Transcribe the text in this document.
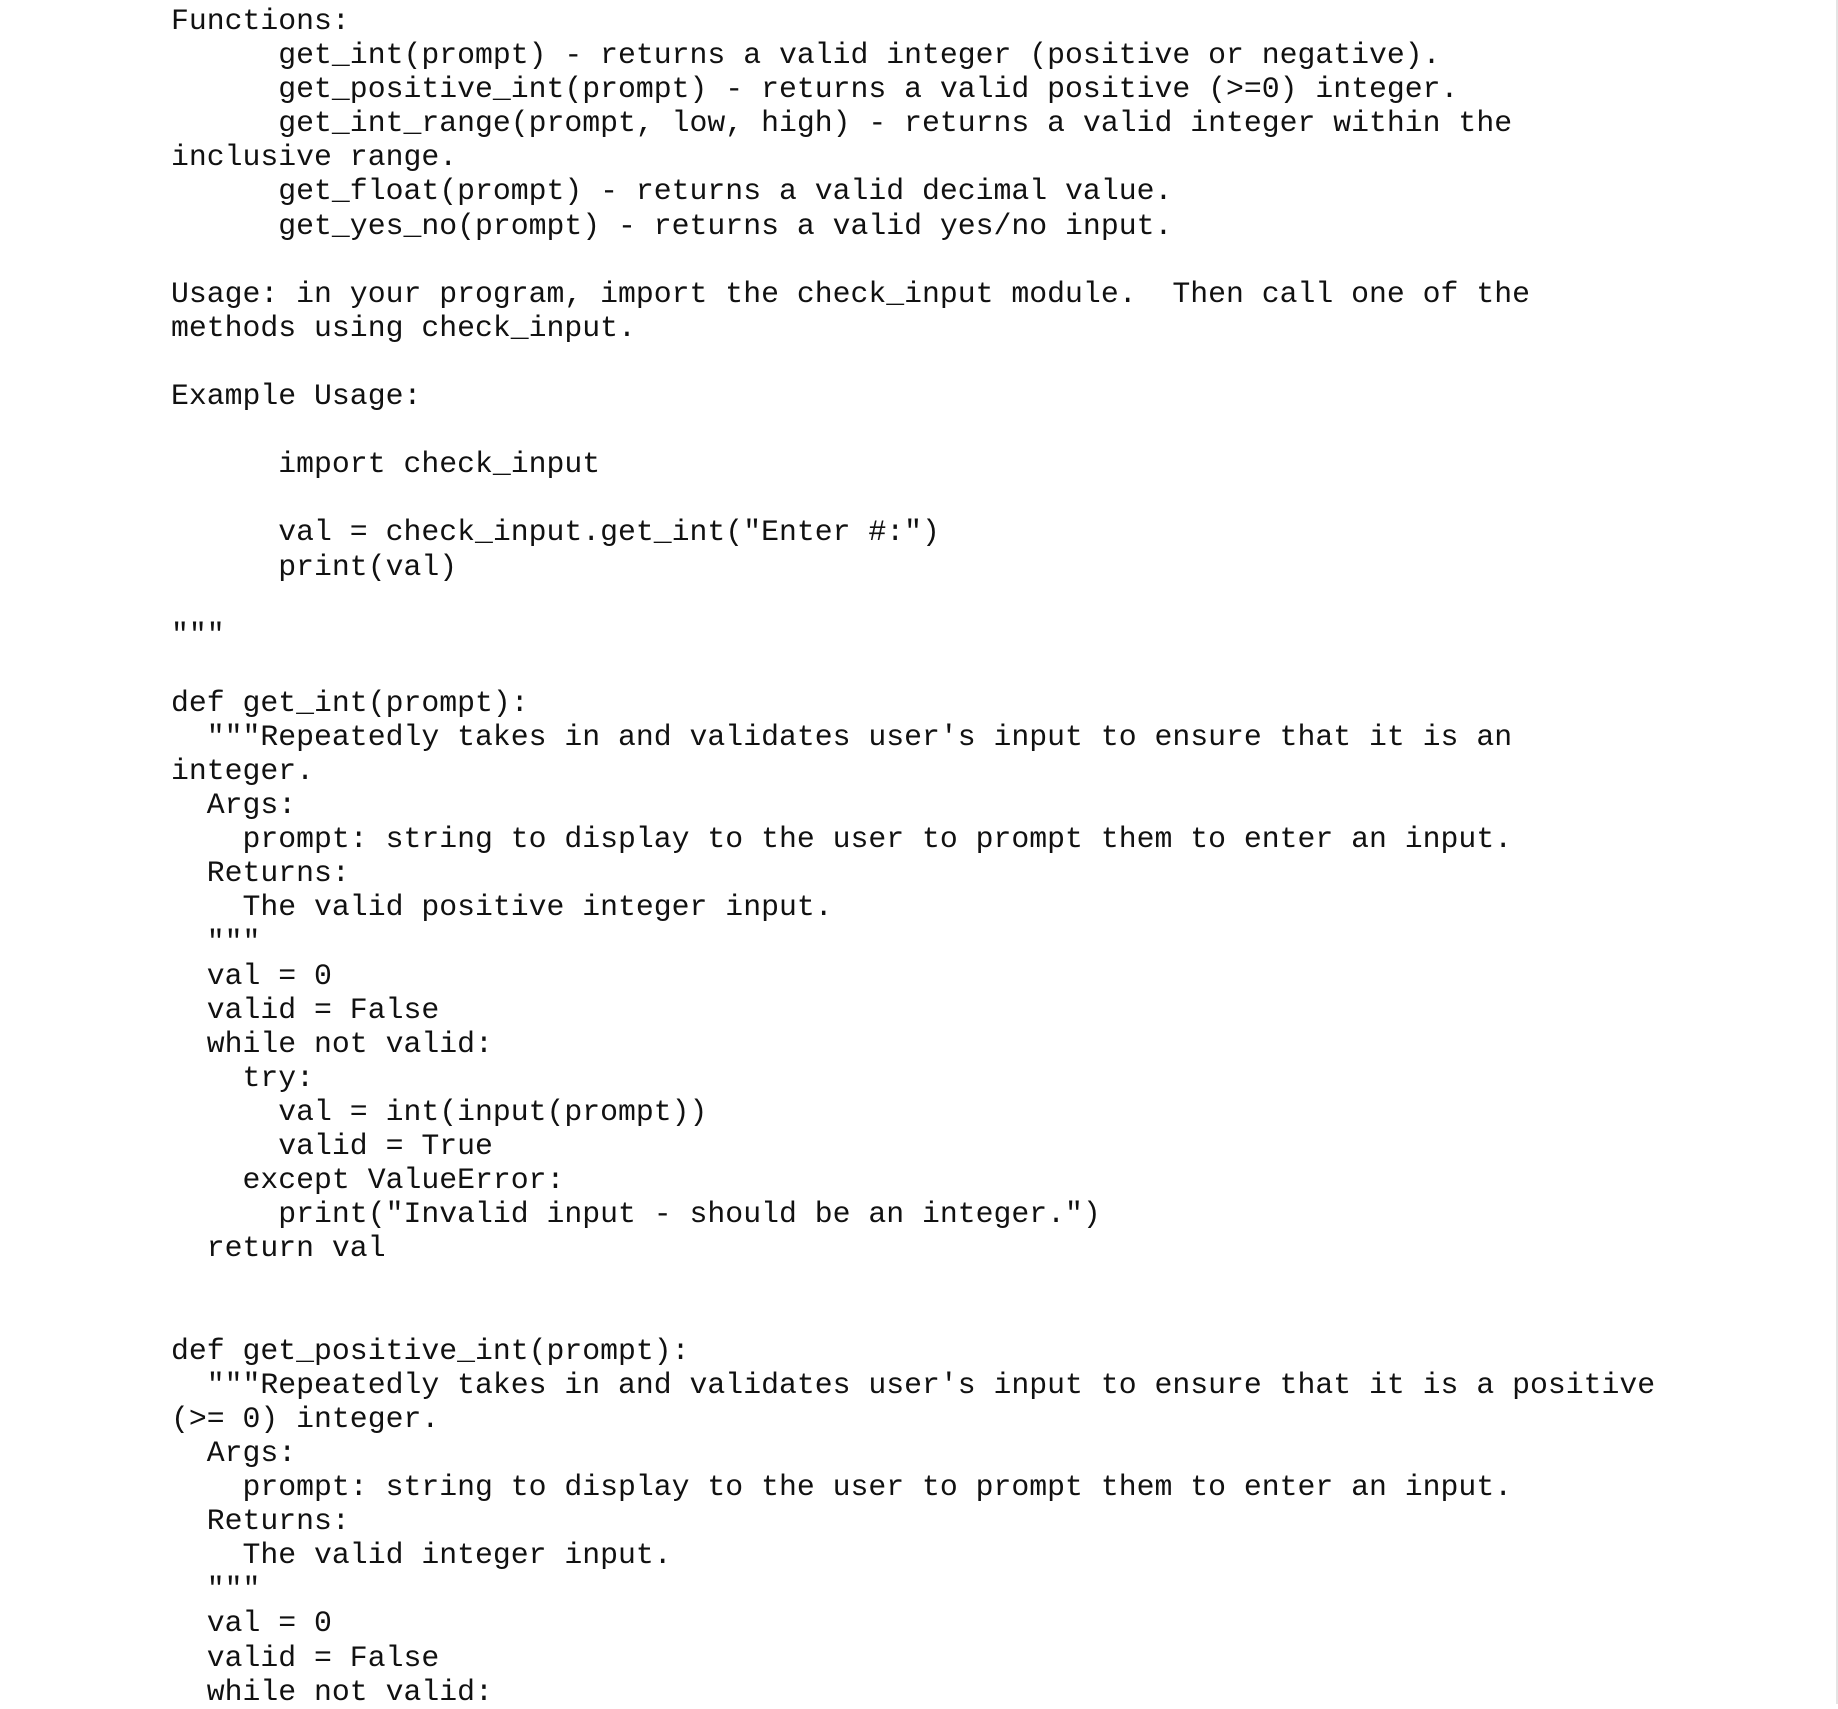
Functions:
get_int(prompt) - returns a valid integer (positive or negative).
get_positive_int(prompt) - returns a valid positive (>=0) integer.
get_int_range(prompt, low, high) - returns a valid integer within the
inclusive range.
get_float(prompt) - returns a valid decimal value.
get_yes_no(prompt) - returns a valid yes/no input.
Usage: in your program, import the check_input module.  Then call one of the
methods using check_input.
Example Usage:
import check_input
val = check_input.get_int("Enter #:")
print(val)
"""
def get_int(prompt):
"""Repeatedly takes in and validates user's input to ensure that it is an
integer.
Args:
prompt: string to display to the user to prompt them to enter an input.
Returns:
The valid positive integer input.
"""
val = 0
valid = False
while not valid:
try:
val = int(input(prompt))
valid = True
except ValueError:
print("Invalid input - should be an integer.")
return val
def get_positive_int(prompt):
"""Repeatedly takes in and validates user's input to ensure that it is a positive
(>= 0) integer.
Args:
prompt: string to display to the user to prompt them to enter an input.
Returns:
The valid integer input.
"""
val = 0
valid = False
while not valid:
